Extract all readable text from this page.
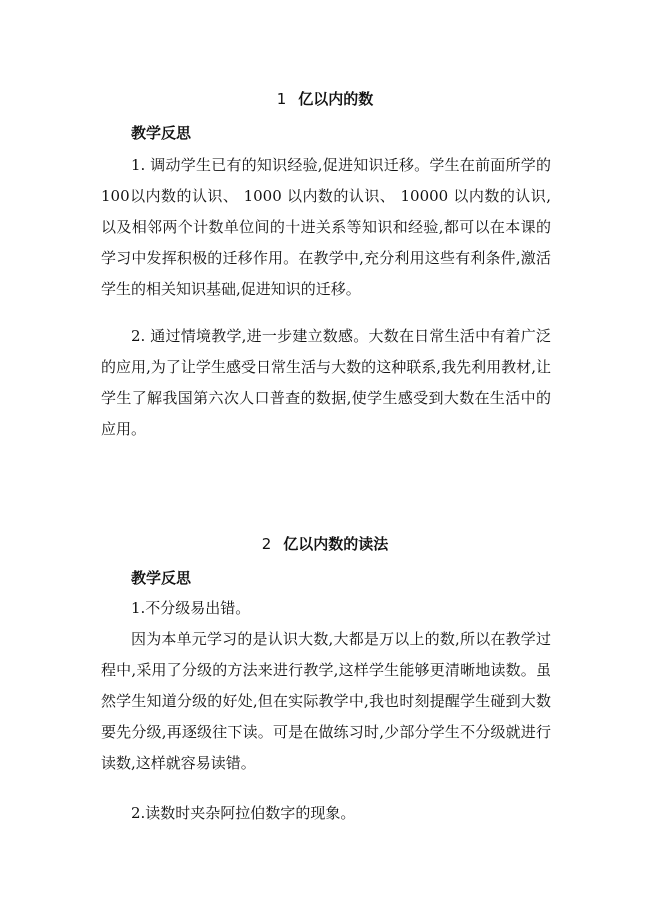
1 亿以内的数
教学反思

1. 调动学生已有的知识经验,促进知识迁移。学生在前面所学的100以内数的认识、 1000 以内数的认识、 10000 以内数的认识,以及相邻两个计数单位间的十进关系等知识和经验,都可以在本课的学习中发挥积极的迁移作用。在教学中,充分利用这些有利条件,激活学生的相关知识基础,促进知识的迁移。

2. 通过情境教学,进一步建立数感。大数在日常生活中有着广泛的应用,为了让学生感受日常生活与大数的这种联系,我先利用教材,让学生了解我国第六次人口普查的数据,使学生感受到大数在生活中的应用。

2 亿以内数的读法
教学反思
1.不分级易出错。

因为本单元学习的是认识大数,大都是万以上的数,所以在教学过程中,采用了分级的方法来进行教学,这样学生能够更清晰地读数。虽然学生知道分级的好处,但在实际教学中,我也时刻提醒学生碰到大数要先分级,再逐级往下读。可是在做练习时,少部分学生不分级就进行读数,这样就容易读错。

2.读数时夹杂阿拉伯数字的现象。
